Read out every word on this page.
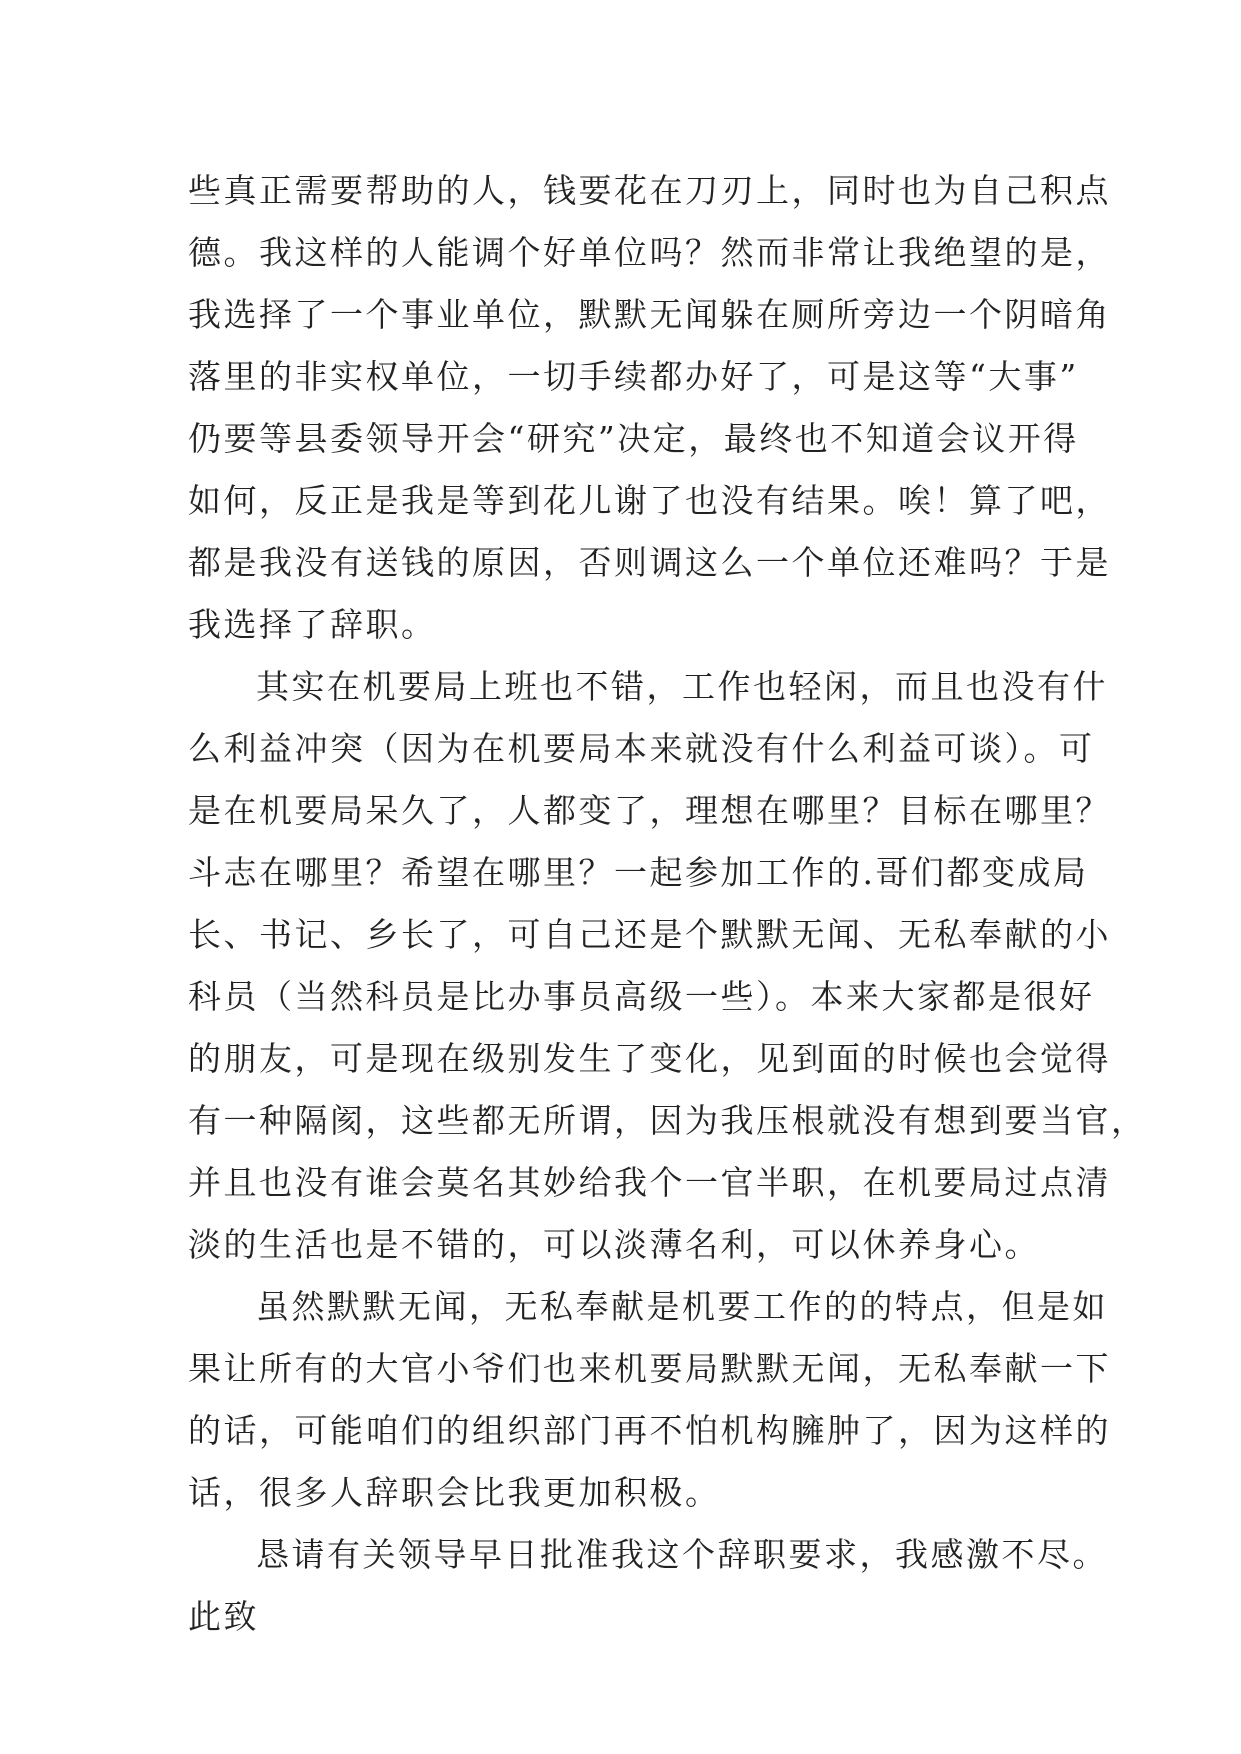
些真正需要帮助的人，钱要花在刀刃上，同时也为自己积点
德。我这样的人能调个好单位吗？然而非常让我绝望的是，
我选择了一个事业单位，默默无闻躲在厕所旁边一个阴暗角
落里的非实权单位，一切手续都办好了，可是这等“大事”
仍要等县委领导开会“研究”决定，最终也不知道会议开得
如何，反正是我是等到花儿谢了也没有结果。唉！算了吧，
都是我没有送钱的原因，否则调这么一个单位还难吗？于是
我选择了辞职。
其实在机要局上班也不错，工作也轻闲，而且也没有什
么利益冲突（因为在机要局本来就没有什么利益可谈）。可
是在机要局呆久了，人都变了，理想在哪里？目标在哪里？
斗志在哪里？希望在哪里？一起参加工作的.哥们都变成局
长、书记、乡长了，可自己还是个默默无闻、无私奉献的小
科员（当然科员是比办事员高级一些）。本来大家都是很好
的朋友，可是现在级别发生了变化，见到面的时候也会觉得
有一种隔阂，这些都无所谓，因为我压根就没有想到要当官，
并且也没有谁会莫名其妙给我个一官半职，在机要局过点清
淡的生活也是不错的，可以淡薄名利，可以休养身心。
虽然默默无闻，无私奉献是机要工作的的特点，但是如
果让所有的大官小爷们也来机要局默默无闻，无私奉献一下
的话，可能咱们的组织部门再不怕机构臃肿了，因为这样的
话，很多人辞职会比我更加积极。
恳请有关领导早日批准我这个辞职要求，我感激不尽。
此致
